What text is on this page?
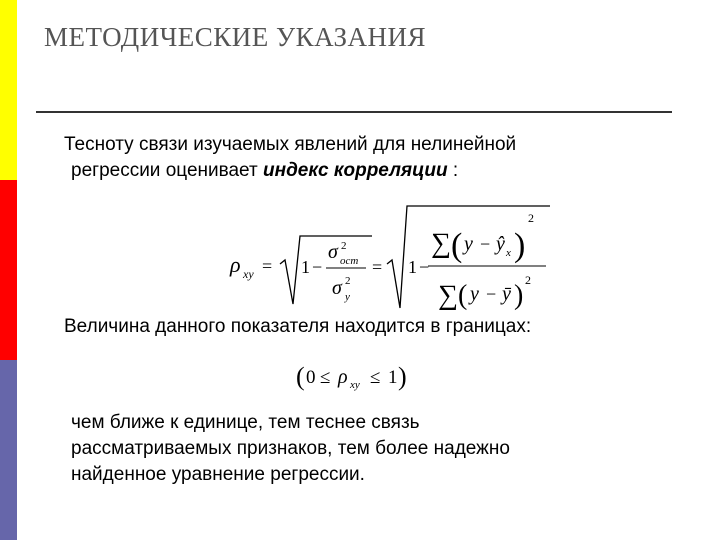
МЕТОДИЧЕСКИЕ УКАЗАНИЯ
Тесноту связи изучаемых явлений для нелинейной
регрессии оценивает индекс корреляции :
ρ xy = 1 −
σ 2
ост
σ 2
y
= 1 −
∑ ( y − ŷ x )
2
∑ ( y − ȳ ) 2
Величина данного показателя находится в границах:
( 0 ≤ ρ xy ≤ 1 )
чем ближе к единице, тем теснее связь
рассматриваемых признаков, тем более надежно
найденное уравнение регрессии.
